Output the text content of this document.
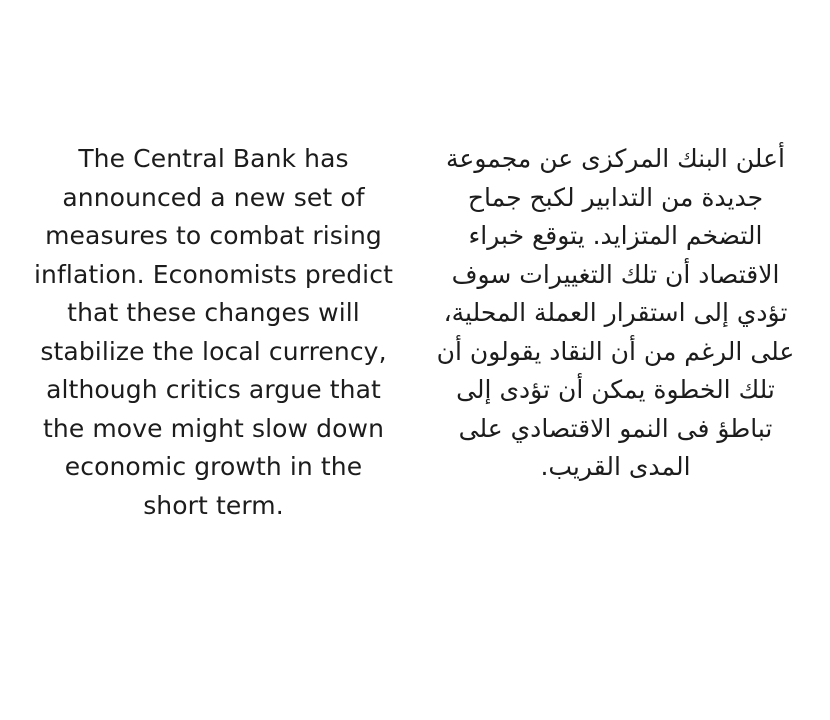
The Central Bank has announced a new set of measures to combat rising inflation. Economists predict that these changes will stabilize the local currency, although critics argue that the move might slow down economic growth in the short term.

أعلن البنك المركزى عن مجموعة جديدة من التدابير لكبح جماح التضخم المتزايد. يتوقع خبراء الاقتصاد أن تلك التغييرات سوف تؤدي إلى استقرار العملة المحلية، على الرغم من أن النقاد يقولون أن تلك الخطوة يمكن أن تؤدى إلى تباطؤ فى النمو الاقتصادي على المدى القريب.
